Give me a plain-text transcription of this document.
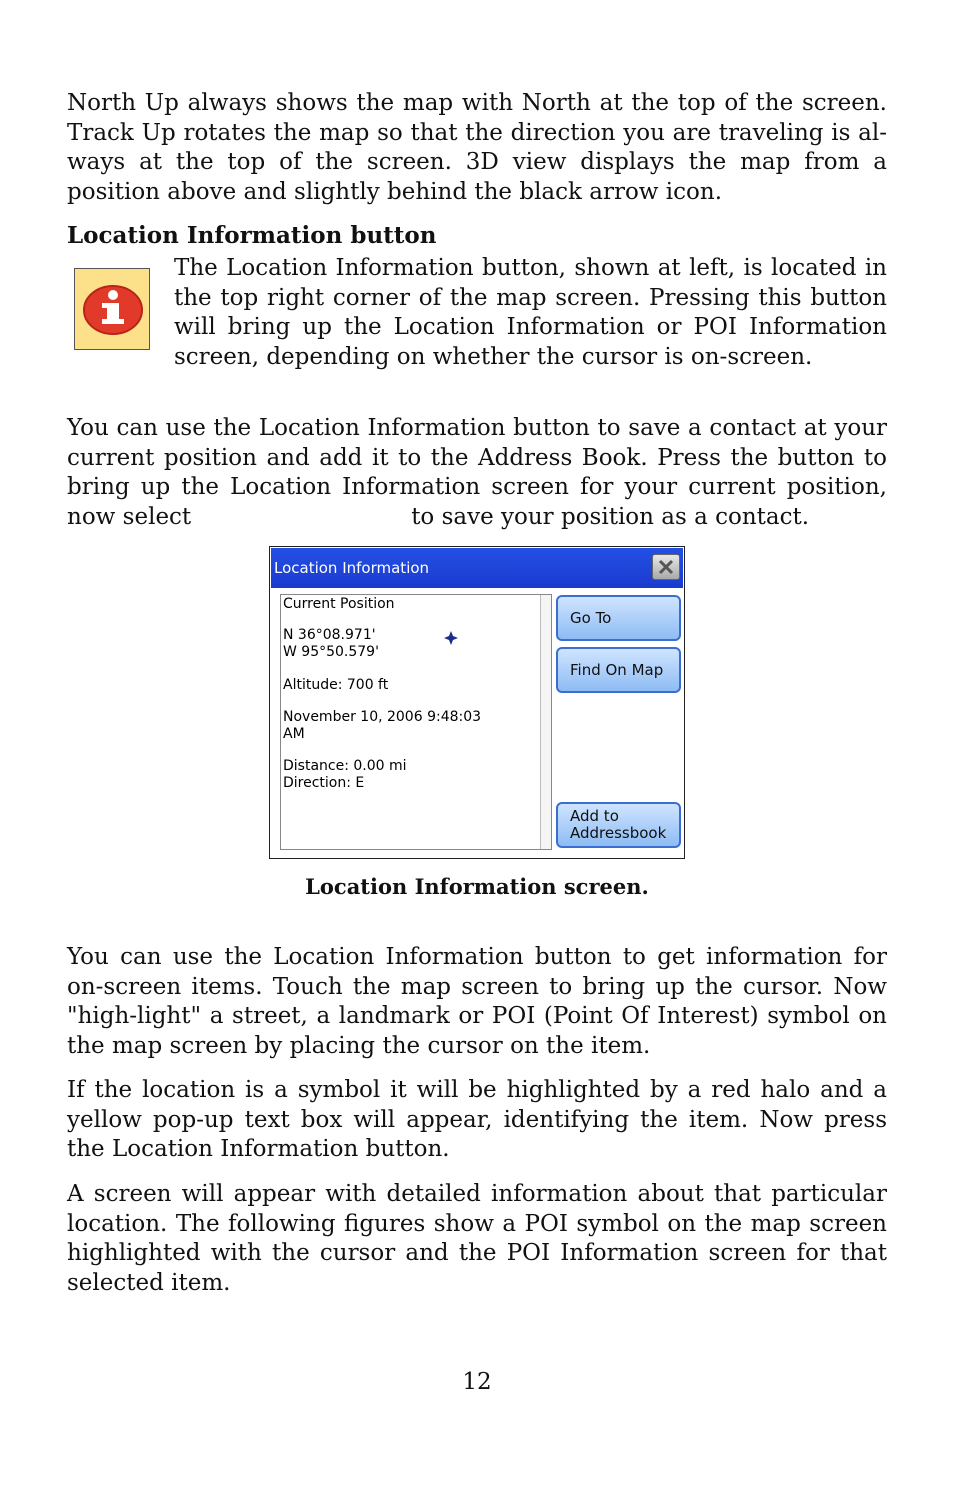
North Up always shows the map with North at the top of the screen. Track Up rotates the map so that the direction you are traveling is al-ways at the top of the screen. 3D view displays the map from a position above and slightly behind the black arrow icon.

Location Information button

The Location Information button, shown at left, is located in the top right corner of the map screen. Pressing this button will bring up the Location Information or POI Information screen, depending on whether the cursor is on-screen.

You can use the Location Information button to save a contact at your current position and add it to the Address Book. Press the button to bring up the Location Information screen for your current position, now select	to save your position as a contact.

Location Information
Current Position
N 36°08.971'
W 95°50.579'
Altitude: 700 ft
November 10, 2006 9:48:03
AM
Distance: 0.00 mi
Direction: E
Go To
Find On Map
Add to
Addressbook

Location Information screen.

You can use the Location Information button to get information for on-screen items. Touch the map screen to bring up the cursor. Now "high-light" a street, a landmark or POI (Point Of Interest) symbol on the map screen by placing the cursor on the item.

If the location is a symbol it will be highlighted by a red halo and a yellow pop-up text box will appear, identifying the item. Now press the Location Information button.

A screen will appear with detailed information about that particular location. The following figures show a POI symbol on the map screen highlighted with the cursor and the POI Information screen for that selected item.

12
